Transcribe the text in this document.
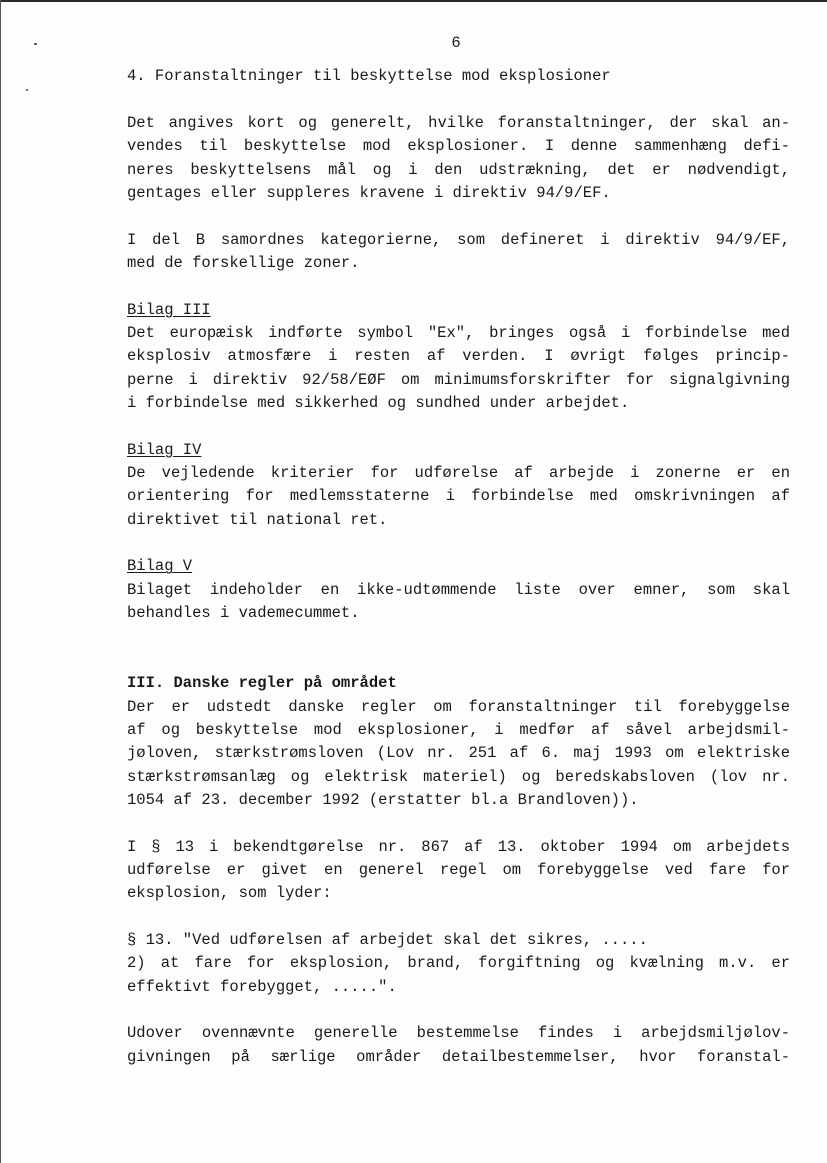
6
4. Foranstaltninger til beskyttelse mod eksplosioner
Det angives kort og generelt, hvilke foranstaltninger, der skal an-
vendes til beskyttelse mod eksplosioner. I denne sammenhæng defi-
neres beskyttelsens mål og i den udstrækning, det er nødvendigt,
gentages eller suppleres kravene i direktiv 94/9/EF.
I del B samordnes kategorierne, som defineret i direktiv 94/9/EF,
med de forskellige zoner.
Bilag III
Det europæisk indførte symbol "Ex", bringes også i forbindelse med
eksplosiv atmosfære i resten af verden. I øvrigt følges princip-
perne i direktiv 92/58/EØF om minimumsforskrifter for signalgivning
i forbindelse med sikkerhed og sundhed under arbejdet.
Bilag IV
De vejledende kriterier for udførelse af arbejde i zonerne er en
orientering for medlemsstaterne i forbindelse med omskrivningen af
direktivet til national ret.
Bilag V
Bilaget indeholder en ikke-udtømmende liste over emner, som skal
behandles i vademecummet.
III. Danske regler på området
Der er udstedt danske regler om foranstaltninger til forebyggelse
af og beskyttelse mod eksplosioner, i medfør af såvel arbejdsmil-
jøloven, stærkstrømsloven (Lov nr. 251 af 6. maj 1993 om elektriske
stærkstrømsanlæg og elektrisk materiel) og beredskabsloven (lov nr.
1054 af 23. december 1992 (erstatter bl.a Brandloven)).
I § 13 i bekendtgørelse nr. 867 af 13. oktober 1994 om arbejdets
udførelse er givet en generel regel om forebyggelse ved fare for
eksplosion, som lyder:
§ 13. "Ved udførelsen af arbejdet skal det sikres, .....
2) at fare for eksplosion, brand, forgiftning og kvælning m.v. er
effektivt forebygget, .....".
Udover ovennævnte generelle bestemmelse findes i arbejdsmiljølov-
givningen på særlige områder detailbestemmelser, hvor foranstal-
